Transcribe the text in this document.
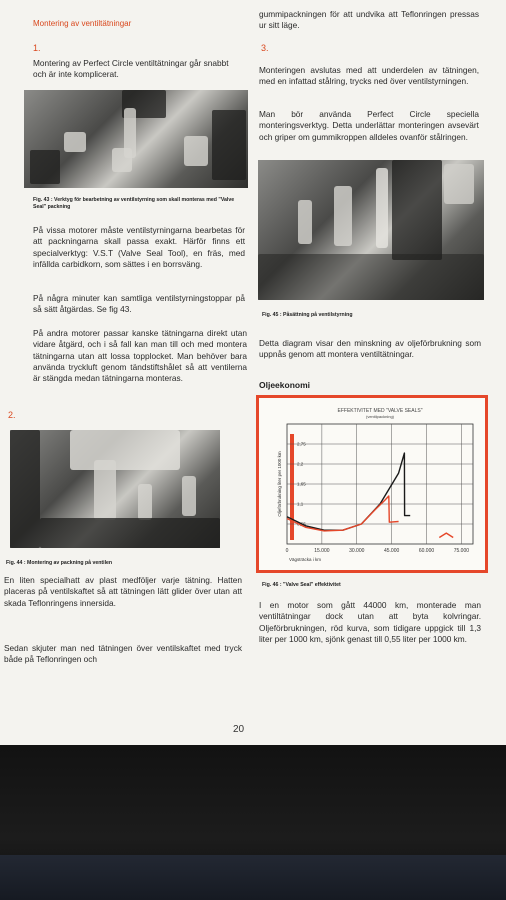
Montering av ventiltätningar
1.
Montering av Perfect Circle ventiltätningar går snabbt och är inte komplicerat.
Fig. 43 : Verktyg för bearbetning av ventilstyrning som skall monteras med "Valve Seal" packning
På vissa motorer måste ventilstyrningarna bearbetas för att packningarna skall passa exakt. Härför finns ett specialverktyg: V.S.T (Valve Seal Tool), en fräs, med infällda carbidkorn, som sättes i en borrsväng.
På några minuter kan samtliga ventilstyrningstoppar på så sätt åtgärdas. Se fig 43.
På andra motorer passar kanske tätningarna direkt utan vidare åtgärd, och i så fall kan man till och med montera tätningarna utan att lossa topplocket. Man behöver bara använda tryckluft genom tändstiftshålet så att ventilerna är stängda medan tätningarna monteras.
2.
Fig. 44 : Montering av packning på ventilen
En liten specialhatt av plast medföljer varje tätning. Hatten placeras på ventilskaftet så att tätningen lätt glider över utan att skada Teflonringens innersida.
Sedan skjuter man ned tätningen över ventilskaftet med tryck både på Teflonringen och
gummipackningen för att undvika att Teflonringen pressas ur sitt läge.
3.
Monteringen avslutas med att underdelen av tätningen, med en infattad stålring, trycks ned över ventilstyrningen.
Man bör använda Perfect Circle speciella monteringsverktyg. Detta underlättar monteringen avsevärt och griper om gummikroppen alldeles ovanför stålringen.
Fig. 45 : Påsättning på ventilstyrning
Detta diagram visar den minskning av oljeförbrukning som uppnås genom att montera ventiltätningar.
Oljeekonomi
0	15.000	30.000	45.000	60.000	75.000
0,55
1,1
1,65
2,2
2,75
EFFEKTIVITET MED "VALVE SEALS"
(ventilpackning)
Oljeförbrukning liter per 1000 km
Vägsträcka i km
Fig. 46 : "Valve Seal" effektivitet
I en motor som gått 44000 km, monterade man ventiltätningar dock utan att byta kolvringar. Oljeförbrukningen, röd kurva, som tidigare uppgick till 1,3 liter per 1000 km, sjönk genast till 0,55 liter per 1000 km.
20
